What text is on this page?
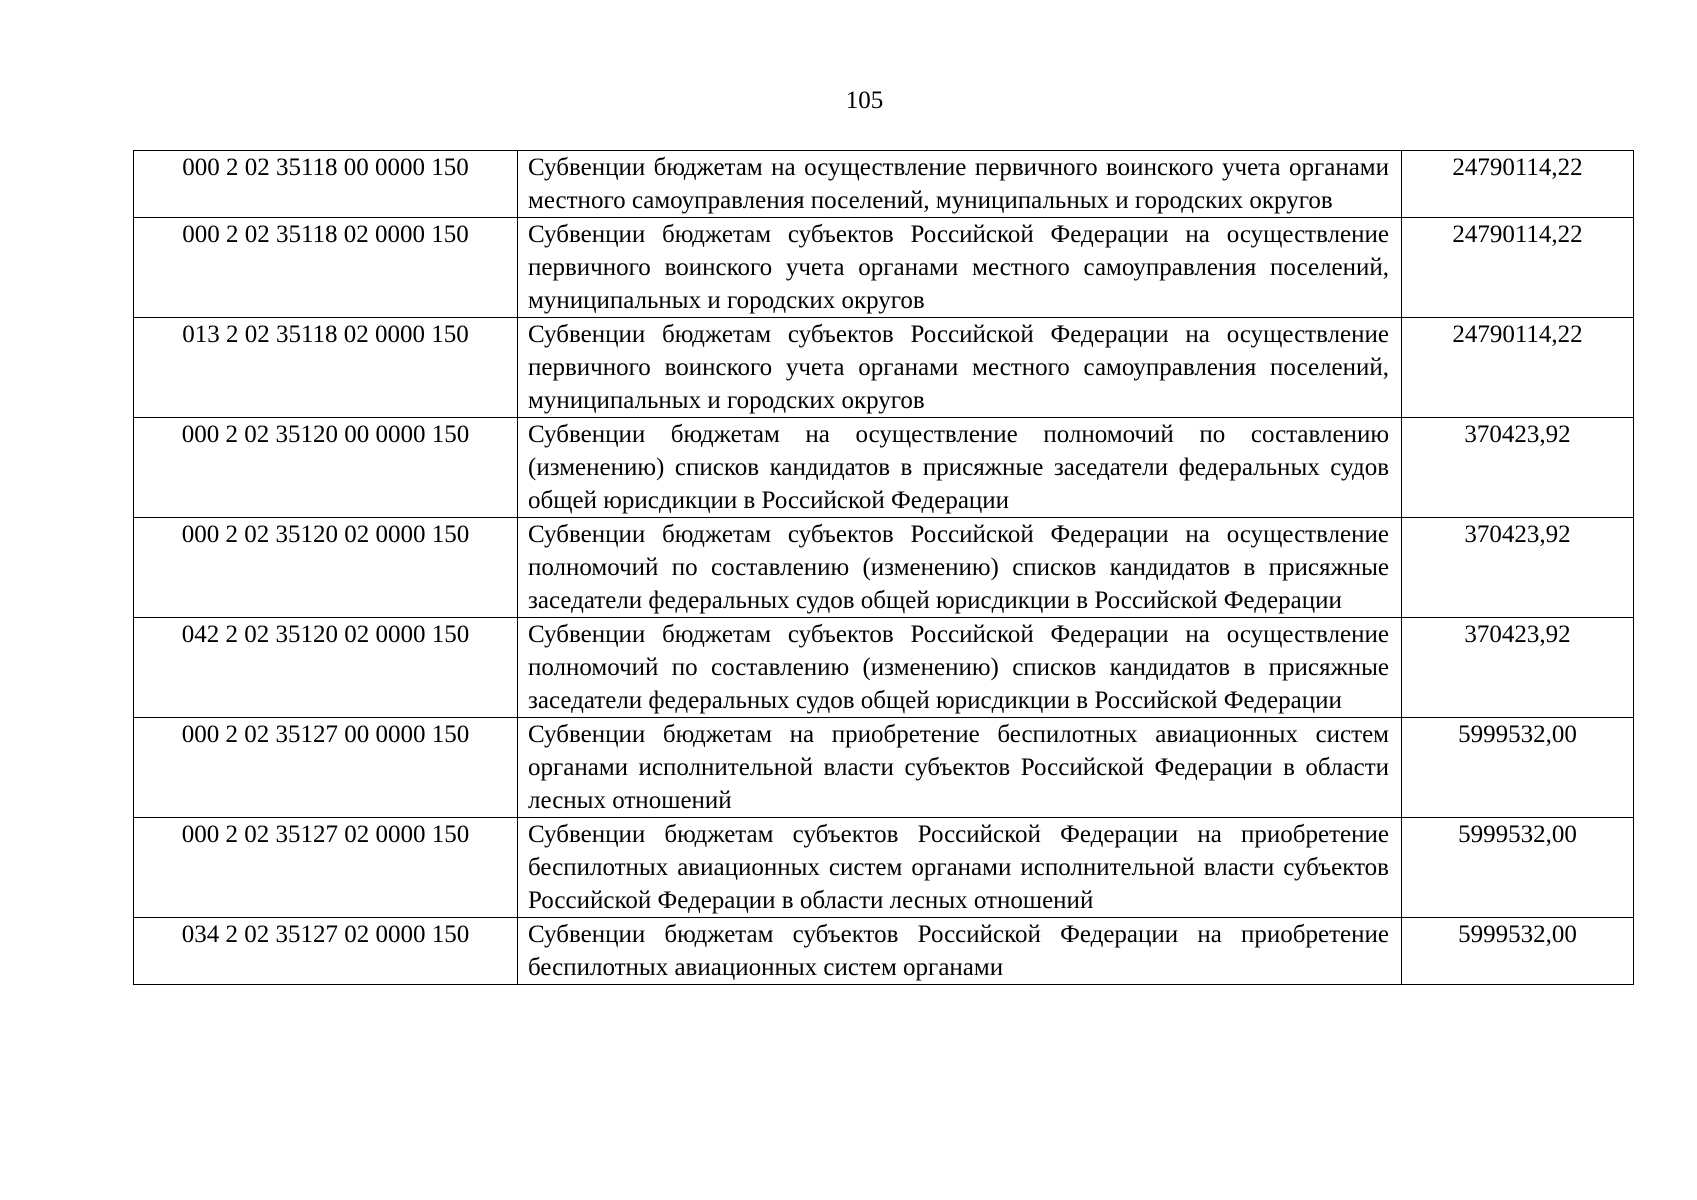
105
000 2 02 35118 00 0000 150	Субвенции бюджетам на осуществление первичного воинского учета органами местного самоуправления поселений, муниципальных и городских округов	24790114,22
000 2 02 35118 02 0000 150	Субвенции бюджетам субъектов Российской Федерации на осуществление первичного воинского учета органами местного самоуправления поселений, муниципальных и городских округов	24790114,22
013 2 02 35118 02 0000 150	Субвенции бюджетам субъектов Российской Федерации на осуществление первичного воинского учета органами местного самоуправления поселений, муниципальных и городских округов	24790114,22
000 2 02 35120 00 0000 150	Субвенции бюджетам на осуществление полномочий по составлению (изменению) списков кандидатов в присяжные заседатели федеральных судов общей юрисдикции в Российской Федерации	370423,92
000 2 02 35120 02 0000 150	Субвенции бюджетам субъектов Российской Федерации на осуществление полномочий по составлению (изменению) списков кандидатов в присяжные заседатели федеральных судов общей юрисдикции в Российской Федерации	370423,92
042 2 02 35120 02 0000 150	Субвенции бюджетам субъектов Российской Федерации на осуществление полномочий по составлению (изменению) списков кандидатов в присяжные заседатели федеральных судов общей юрисдикции в Российской Федерации	370423,92
000 2 02 35127 00 0000 150	Субвенции бюджетам на приобретение беспилотных авиационных систем органами исполнительной власти субъектов Российской Федерации в области лесных отношений	5999532,00
000 2 02 35127 02 0000 150	Субвенции бюджетам субъектов Российской Федерации на приобретение беспилотных авиационных систем органами исполнительной власти субъектов Российской Федерации в области лесных отношений	5999532,00
034 2 02 35127 02 0000 150	Субвенции бюджетам субъектов Российской Федерации на приобретение беспилотных авиационных систем органами	5999532,00
